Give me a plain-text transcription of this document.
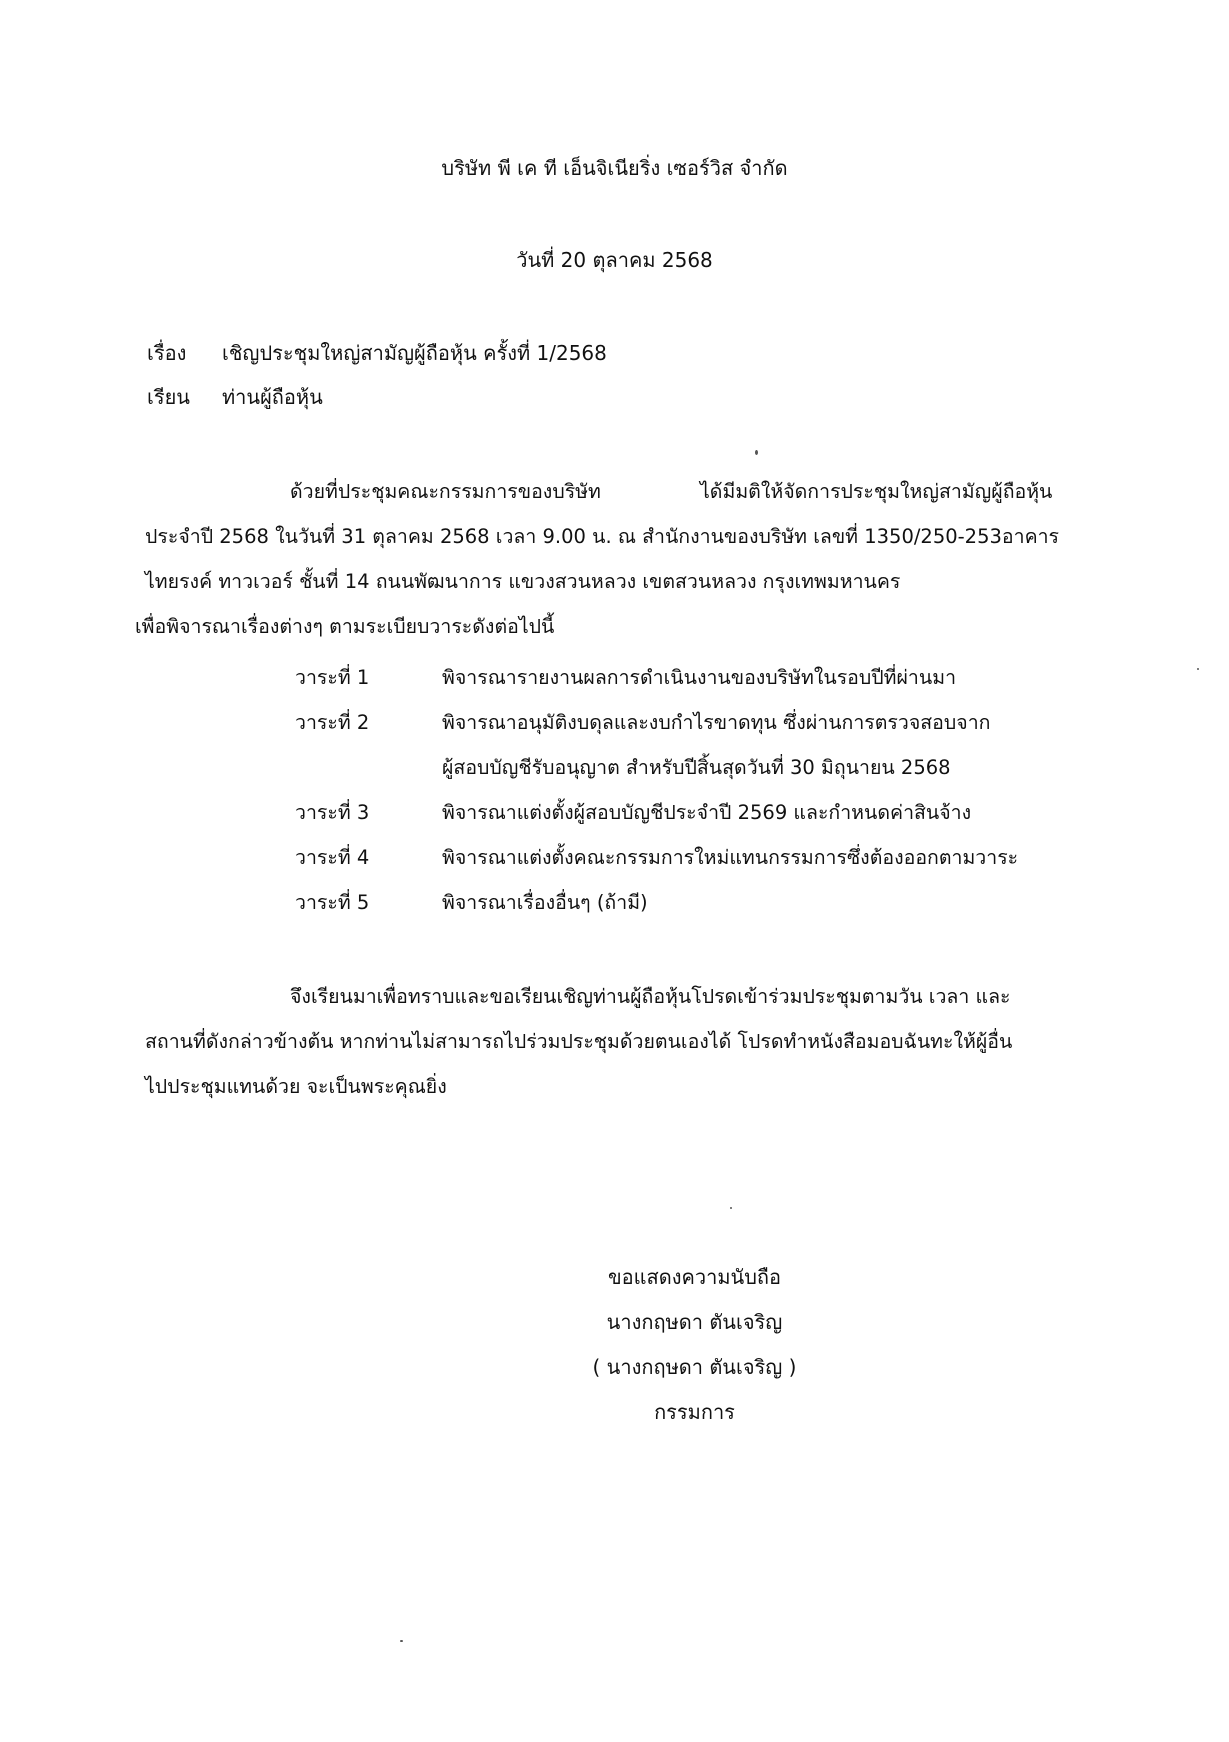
บริษัท พี เค ที เอ็นจิเนียริ่ง เซอร์วิส จำกัด
วันที่ 20 ตุลาคม 2568
เรื่อง เชิญประชุมใหญ่สามัญผู้ถือหุ้น ครั้งที่ 1/2568
เรียน ท่านผู้ถือหุ้น
ด้วยที่ประชุมคณะกรรมการของบริษัท	ได้มีมติให้จัดการประชุมใหญ่สามัญผู้ถือหุ้น
ประจำปี 2568 ในวันที่ 31 ตุลาคม 2568 เวลา 9.00 น. ณ สำนักงานของบริษัท เลขที่ 1350/250-253อาคาร
ไทยรงค์ ทาวเวอร์ ชั้นที่ 14 ถนนพัฒนาการ แขวงสวนหลวง เขตสวนหลวง กรุงเทพมหานคร
เพื่อพิจารณาเรื่องต่างๆ ตามระเบียบวาระดังต่อไปนี้
วาระที่ 1	พิจารณารายงานผลการดำเนินงานของบริษัทในรอบปีที่ผ่านมา
วาระที่ 2	พิจารณาอนุมัติงบดุลและงบกำไรขาดทุน ซึ่งผ่านการตรวจสอบจาก
ผู้สอบบัญชีรับอนุญาต สำหรับปีสิ้นสุดวันที่ 30 มิถุนายน 2568
วาระที่ 3	พิจารณาแต่งตั้งผู้สอบบัญชีประจำปี 2569 และกำหนดค่าสินจ้าง
วาระที่ 4	พิจารณาแต่งตั้งคณะกรรมการใหม่แทนกรรมการซึ่งต้องออกตามวาระ
วาระที่ 5	พิจารณาเรื่องอื่นๆ (ถ้ามี)
จึงเรียนมาเพื่อทราบและขอเรียนเชิญท่านผู้ถือหุ้นโปรดเข้าร่วมประชุมตามวัน เวลา และ
สถานที่ดังกล่าวข้างต้น หากท่านไม่สามารถไปร่วมประชุมด้วยตนเองได้ โปรดทำหนังสือมอบฉันทะให้ผู้อื่น
ไปประชุมแทนด้วย จะเป็นพระคุณยิ่ง
ขอแสดงความนับถือ
นางกฤษดา ตันเจริญ
( นางกฤษดา ตันเจริญ )
กรรมการ
